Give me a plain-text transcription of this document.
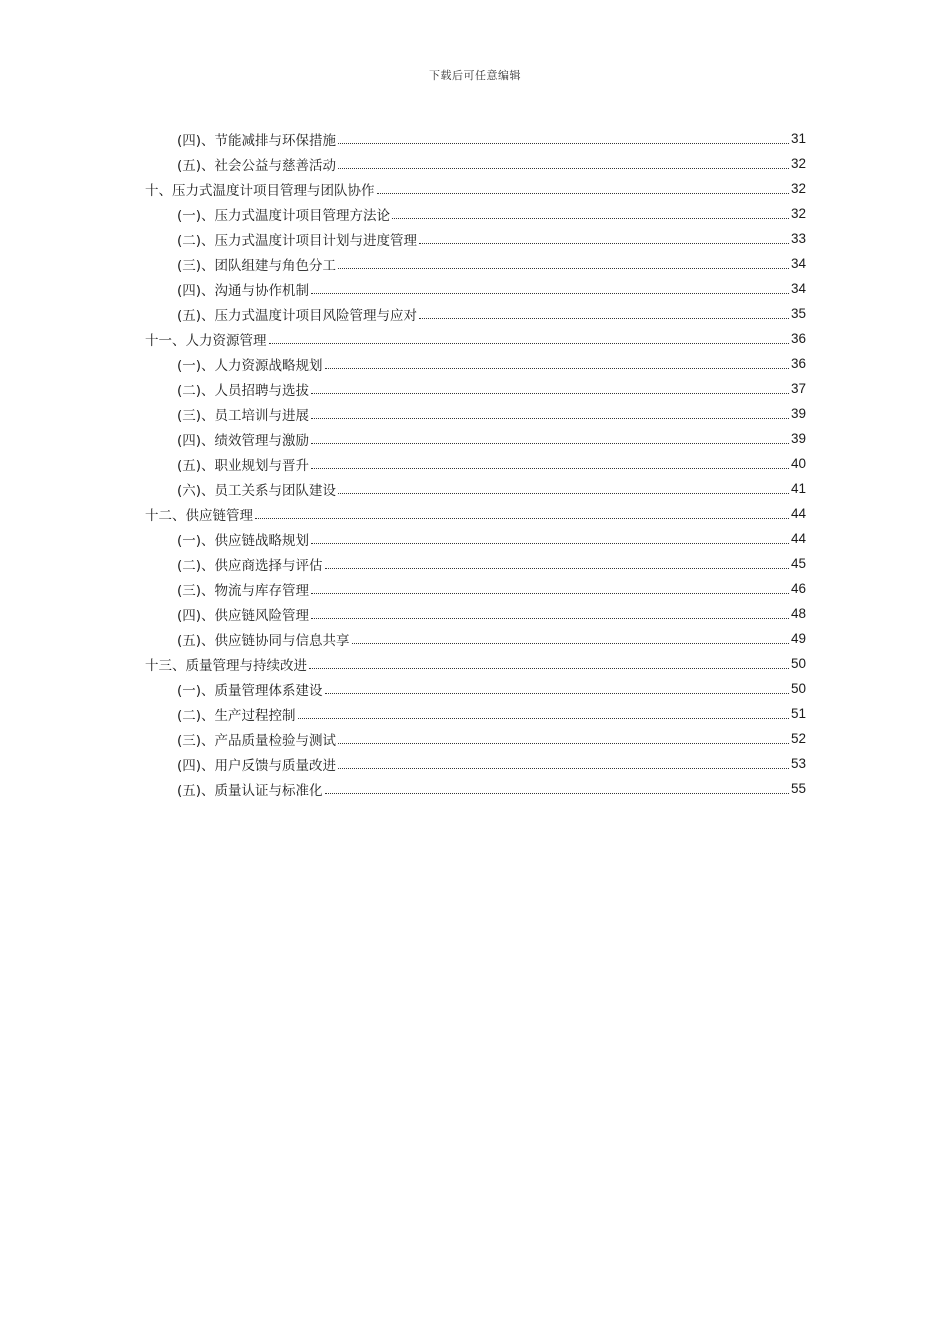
下载后可任意编辑
(四)、节能减排与环保措施	31
(五)、社会公益与慈善活动	32
十、压力式温度计项目管理与团队协作	32
(一)、压力式温度计项目管理方法论	32
(二)、压力式温度计项目计划与进度管理	33
(三)、团队组建与角色分工	34
(四)、沟通与协作机制	34
(五)、压力式温度计项目风险管理与应对	35
十一、人力资源管理	36
(一)、人力资源战略规划	36
(二)、人员招聘与选拔	37
(三)、员工培训与进展	39
(四)、绩效管理与激励	39
(五)、职业规划与晋升	40
(六)、员工关系与团队建设	41
十二、供应链管理	44
(一)、供应链战略规划	44
(二)、供应商选择与评估	45
(三)、物流与库存管理	46
(四)、供应链风险管理	48
(五)、供应链协同与信息共享	49
十三、质量管理与持续改进	50
(一)、质量管理体系建设	50
(二)、生产过程控制	51
(三)、产品质量检验与测试	52
(四)、用户反馈与质量改进	53
(五)、质量认证与标准化	55
